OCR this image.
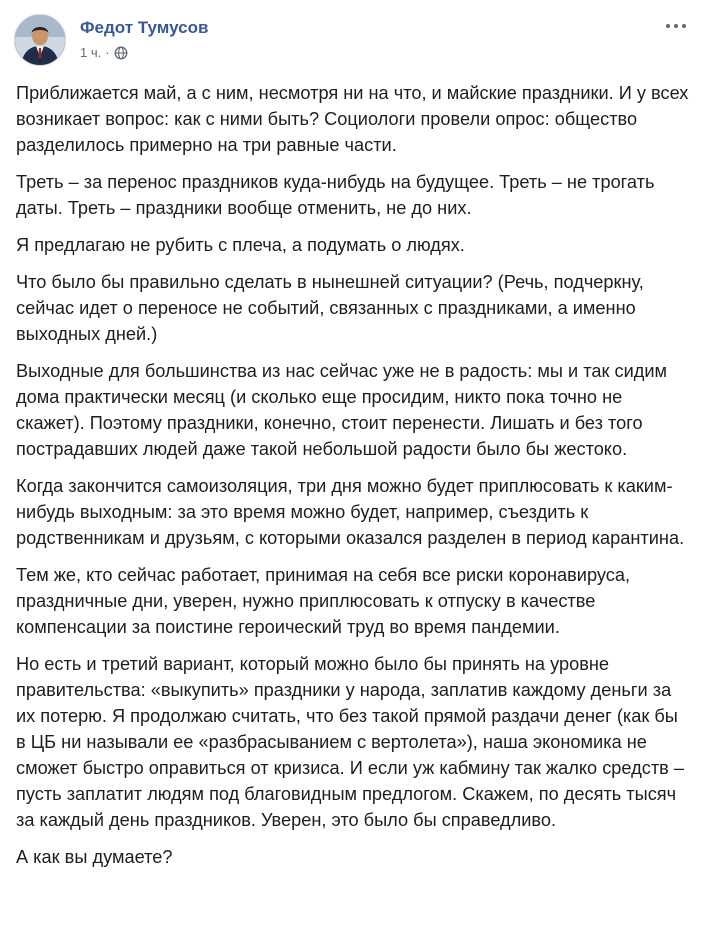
Федот Тумусов
1 ч. ·

Приближается май, а с ним, несмотря ни на что, и майские праздники. И у всех возникает вопрос: как с ними быть? Социологи провели опрос: общество разделилось примерно на три равные части.

Треть – за перенос праздников куда-нибудь на будущее. Треть – не трогать даты. Треть – праздники вообще отменить, не до них.

Я предлагаю не рубить с плеча, а подумать о людях.

Что было бы правильно сделать в нынешней ситуации? (Речь, подчеркну, сейчас идет о переносе не событий, связанных с праздниками, а именно выходных дней.)

Выходные для большинства из нас сейчас уже не в радость: мы и так сидим дома практически месяц (и сколько еще просидим, никто пока точно не скажет). Поэтому праздники, конечно, стоит перенести. Лишать и без того пострадавших людей даже такой небольшой радости было бы жестоко.

Когда закончится самоизоляция, три дня можно будет приплюсовать к каким-нибудь выходным: за это время можно будет, например, съездить к родственникам и друзьям, с которыми оказался разделен в период карантина.

Тем же, кто сейчас работает, принимая на себя все риски коронавируса, праздничные дни, уверен, нужно приплюсовать к отпуску в качестве компенсации за поистине героический труд во время пандемии.

Но есть и третий вариант, который можно было бы принять на уровне правительства: «выкупить» праздники у народа, заплатив каждому деньги за их потерю. Я продолжаю считать, что без такой прямой раздачи денег (как бы в ЦБ ни называли ее «разбрасыванием с вертолета»), наша экономика не сможет быстро оправиться от кризиса. И если уж кабмину так жалко средств – пусть заплатит людям под благовидным предлогом. Скажем, по десять тысяч за каждый день праздников. Уверен, это было бы справедливо.

А как вы думаете?
